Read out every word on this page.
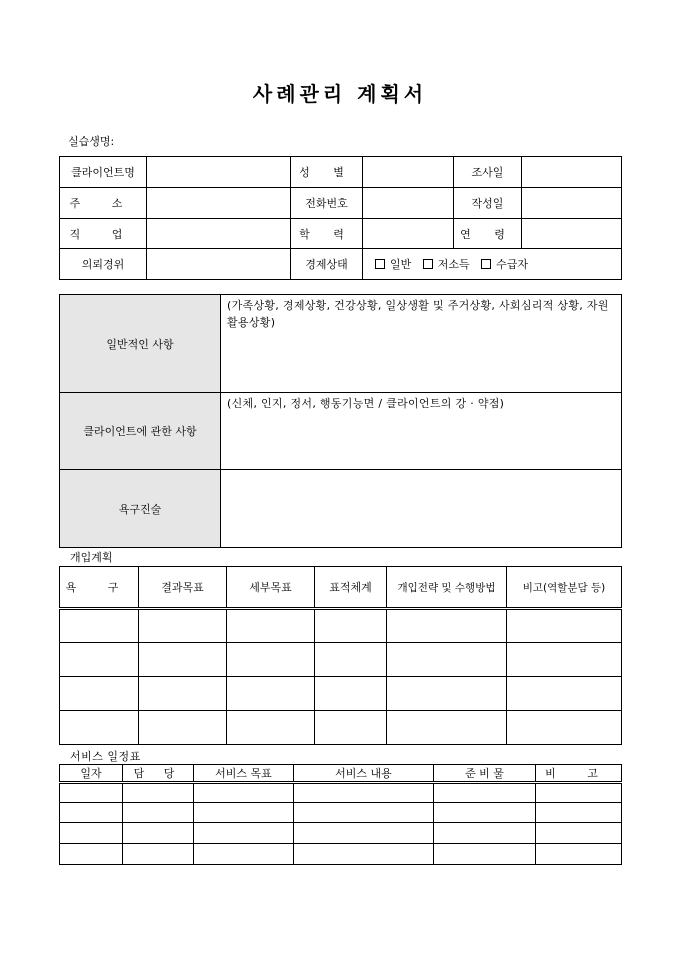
사례관리 계획서
실습생명:
클라이언트명		성 별		조사일	
주 소		전화번호		작성일	
직 업		학 력		연 령	
의뢰경위		경제상태	일반 저소득 수급자		
일반적인 사항	(가족상황, 경제상황, 건강상황, 일상생활 및 주거상황, 사회심리적 상황, 자원활용상황)

클라이언트에 관한 사항	(신체, 인지, 정서, 행동기능면 / 클라이언트의 강 · 약점)

욕구진술	
개입계획
욕 구	결과목표	세부목표	표적체계	개입전략 및 수행방법	비고(역할분담 등)

서비스 일정표
일자	담 당	서비스 목표	서비스 내용	준 비 물	비 고
